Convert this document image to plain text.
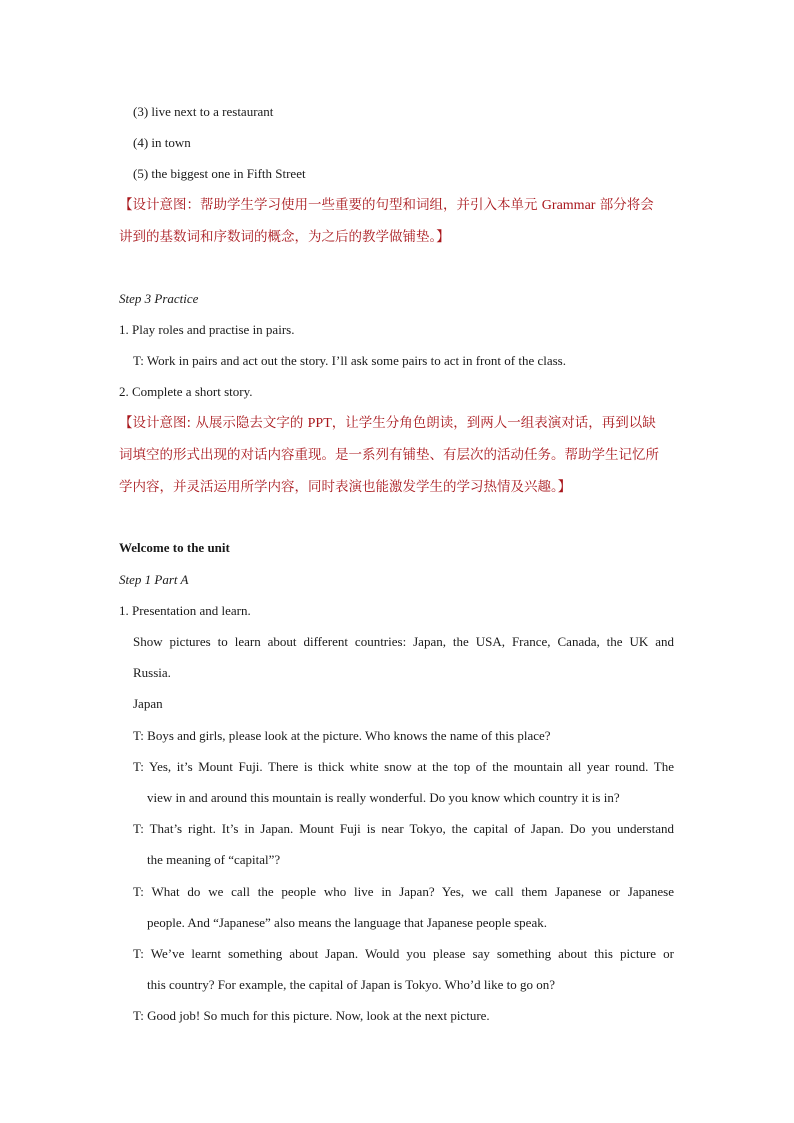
(3) live next to a restaurant
(4) in town
(5) the biggest one in Fifth Street
【设计意图：帮助学生学习使用一些重要的句型和词组，并引入本单元 Grammar 部分将会
讲到的基数词和序数词的概念，为之后的教学做铺垫。】
Step 3 Practice
1. Play roles and practise in pairs.
T: Work in pairs and act out the story. I’ll ask some pairs to act in front of the class.
2. Complete a short story.
【设计意图: 从展示隐去文字的 PPT，让学生分角色朗读，到两人一组表演对话，再到以缺
词填空的形式出现的对话内容重现。是一系列有铺垫、有层次的活动任务。帮助学生记忆所
学内容，并灵活运用所学内容，同时表演也能激发学生的学习热情及兴趣。】
Welcome to the unit
Step 1 Part A
1. Presentation and learn.
Show pictures to learn about different countries: Japan, the USA, France, Canada, the UK and
Russia.
Japan
T: Boys and girls, please look at the picture. Who knows the name of this place?
T: Yes, it’s Mount Fuji. There is thick white snow at the top of the mountain all year round. The
view in and around this mountain is really wonderful. Do you know which country it is in?
T: That’s right. It’s in Japan. Mount Fuji is near Tokyo, the capital of Japan. Do you understand
the meaning of “capital”?
T: What do we call the people who live in Japan? Yes, we call them Japanese or Japanese
people. And “Japanese” also means the language that Japanese people speak.
T: We’ve learnt something about Japan. Would you please say something about this picture or
this country? For example, the capital of Japan is Tokyo. Who’d like to go on?
T: Good job! So much for this picture. Now, look at the next picture.
